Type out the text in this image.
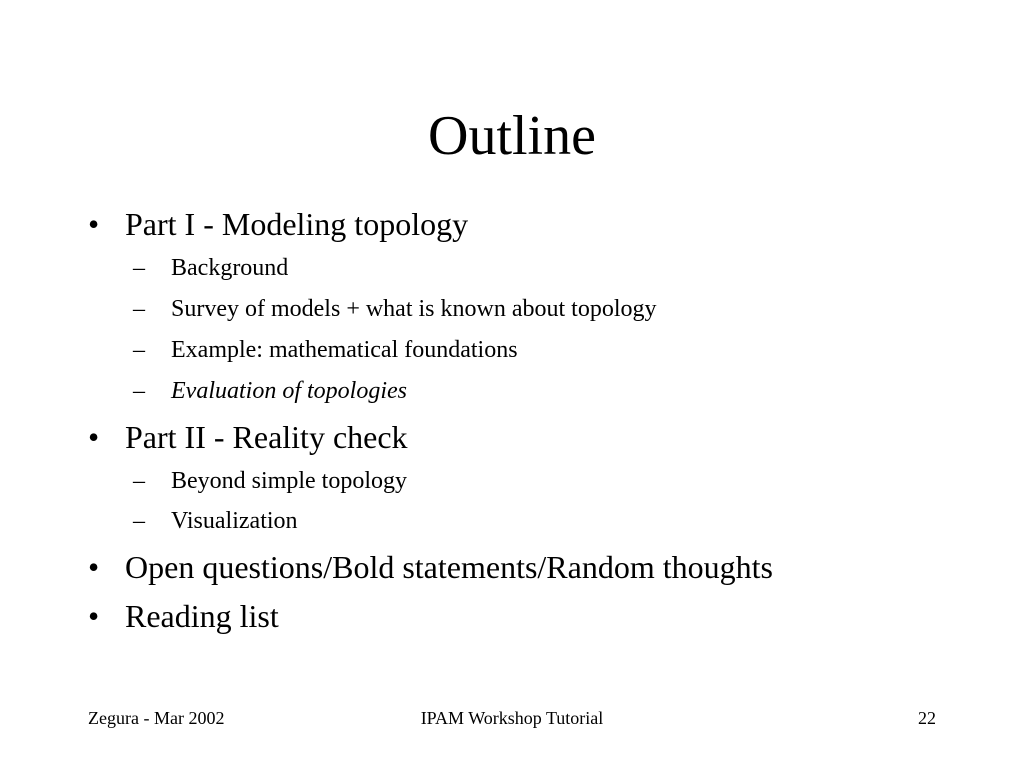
Outline
• Part I - Modeling topology
– Background
– Survey of models + what is known about topology
– Example: mathematical foundations
– Evaluation of topologies
• Part II - Reality check
– Beyond simple topology
– Visualization
• Open questions/Bold statements/Random thoughts
• Reading list
Zegura - Mar 2002	IPAM Workshop Tutorial	22
